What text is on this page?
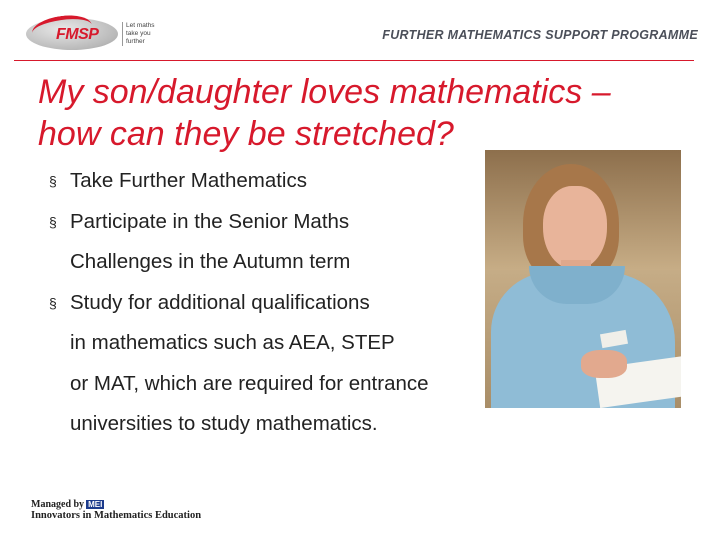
FMSP
Let maths take you further	FURTHER MATHEMATICS SUPPORT PROGRAMME
My son/daughter loves mathematics –
how can they be stretched?
§ Take Further Mathematics
§ Participate in the Senior Maths
Challenges in the Autumn term
§ Study for additional qualifications
in mathematics such as AEA, STEP
or MAT, which are required for entrance
universities to study mathematics.
Managed by MEI
Innovators in Mathematics Education
